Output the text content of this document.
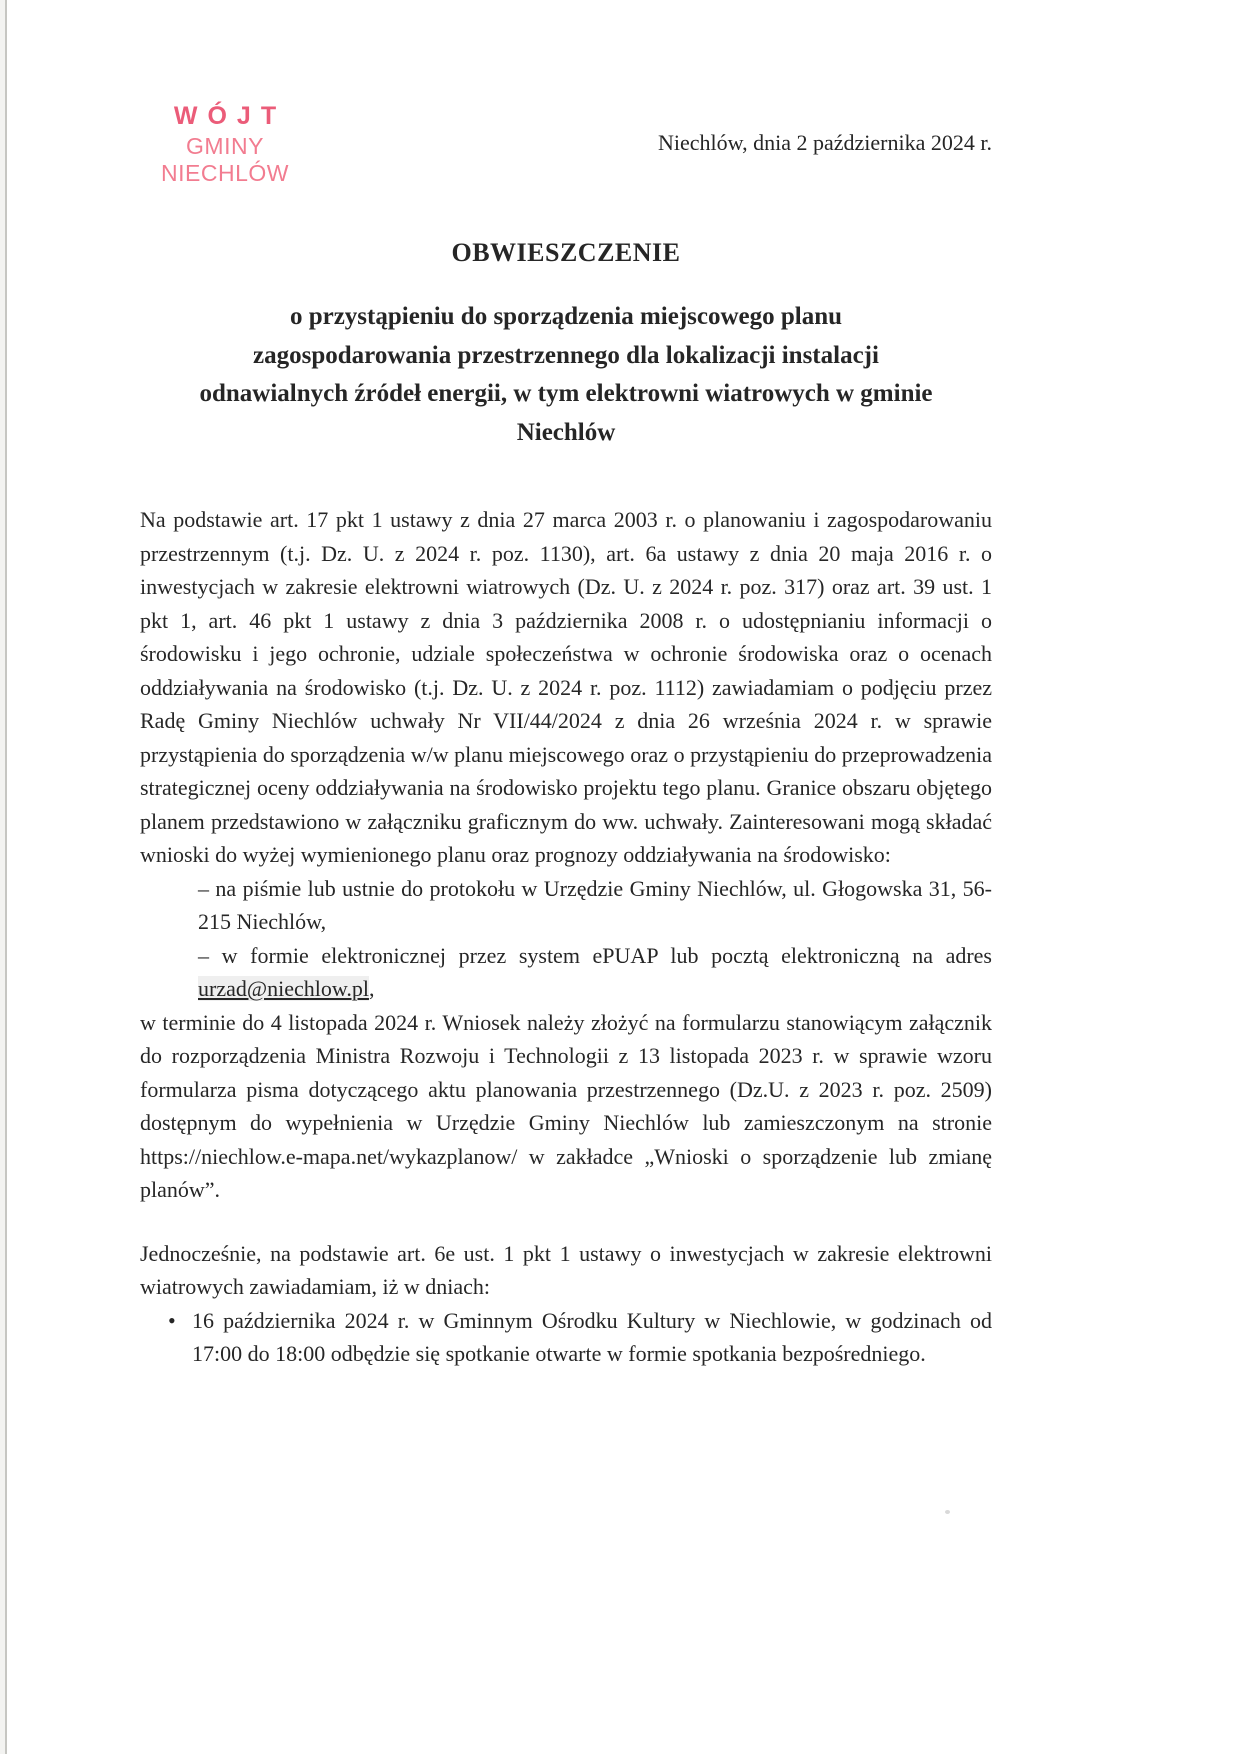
WÓJT
GMINY NIECHLÓW
Niechlów, dnia 2 października 2024 r.
OBWIESZCZENIE
o przystąpieniu do sporządzenia miejscowego planu
zagospodarowania przestrzennego dla lokalizacji instalacji
odnawialnych źródeł energii, w tym elektrowni wiatrowych w gminie
Niechlów
Na podstawie art. 17 pkt 1 ustawy z dnia 27 marca 2003 r. o planowaniu i zagospodarowaniu przestrzennym (t.j. Dz. U. z 2024 r. poz. 1130), art. 6a ustawy z dnia 20 maja 2016 r. o inwestycjach w zakresie elektrowni wiatrowych (Dz. U. z 2024 r. poz. 317) oraz art. 39 ust. 1 pkt 1, art. 46 pkt 1 ustawy z dnia 3 października 2008 r. o udostępnianiu informacji o środowisku i jego ochronie, udziale społeczeństwa w ochronie środowiska oraz o ocenach oddziaływania na środowisko (t.j. Dz. U. z 2024 r. poz. 1112) zawiadamiam o podjęciu przez Radę Gminy Niechlów uchwały Nr VII/44/2024 z dnia 26 września 2024 r. w sprawie przystąpienia do sporządzenia w/w planu miejscowego oraz o przystąpieniu do przeprowadzenia strategicznej oceny oddziaływania na środowisko projektu tego planu. Granice obszaru objętego planem przedstawiono w załączniku graficznym do ww. uchwały. Zainteresowani mogą składać wnioski do wyżej wymienionego planu oraz prognozy oddziaływania na środowisko:
– na piśmie lub ustnie do protokołu w Urzędzie Gminy Niechlów, ul. Głogowska 31, 56-215 Niechlów,
– w formie elektronicznej przez system ePUAP lub pocztą elektroniczną na adres urzad@niechlow.pl,
w terminie do 4 listopada 2024 r. Wniosek należy złożyć na formularzu stanowiącym załącznik do rozporządzenia Ministra Rozwoju i Technologii z 13 listopada 2023 r. w sprawie wzoru formularza pisma dotyczącego aktu planowania przestrzennego (Dz.U. z 2023 r. poz. 2509) dostępnym do wypełnienia w Urzędzie Gminy Niechlów lub zamieszczonym na stronie https://niechlow.e-mapa.net/wykazplanow/ w zakładce „Wnioski o sporządzenie lub zmianę planów”.
Jednocześnie, na podstawie art. 6e ust. 1 pkt 1 ustawy o inwestycjach w zakresie elektrowni wiatrowych zawiadamiam, iż w dniach:
• 16 października 2024 r. w Gminnym Ośrodku Kultury w Niechlowie, w godzinach od 17:00 do 18:00 odbędzie się spotkanie otwarte w formie spotkania bezpośredniego.
